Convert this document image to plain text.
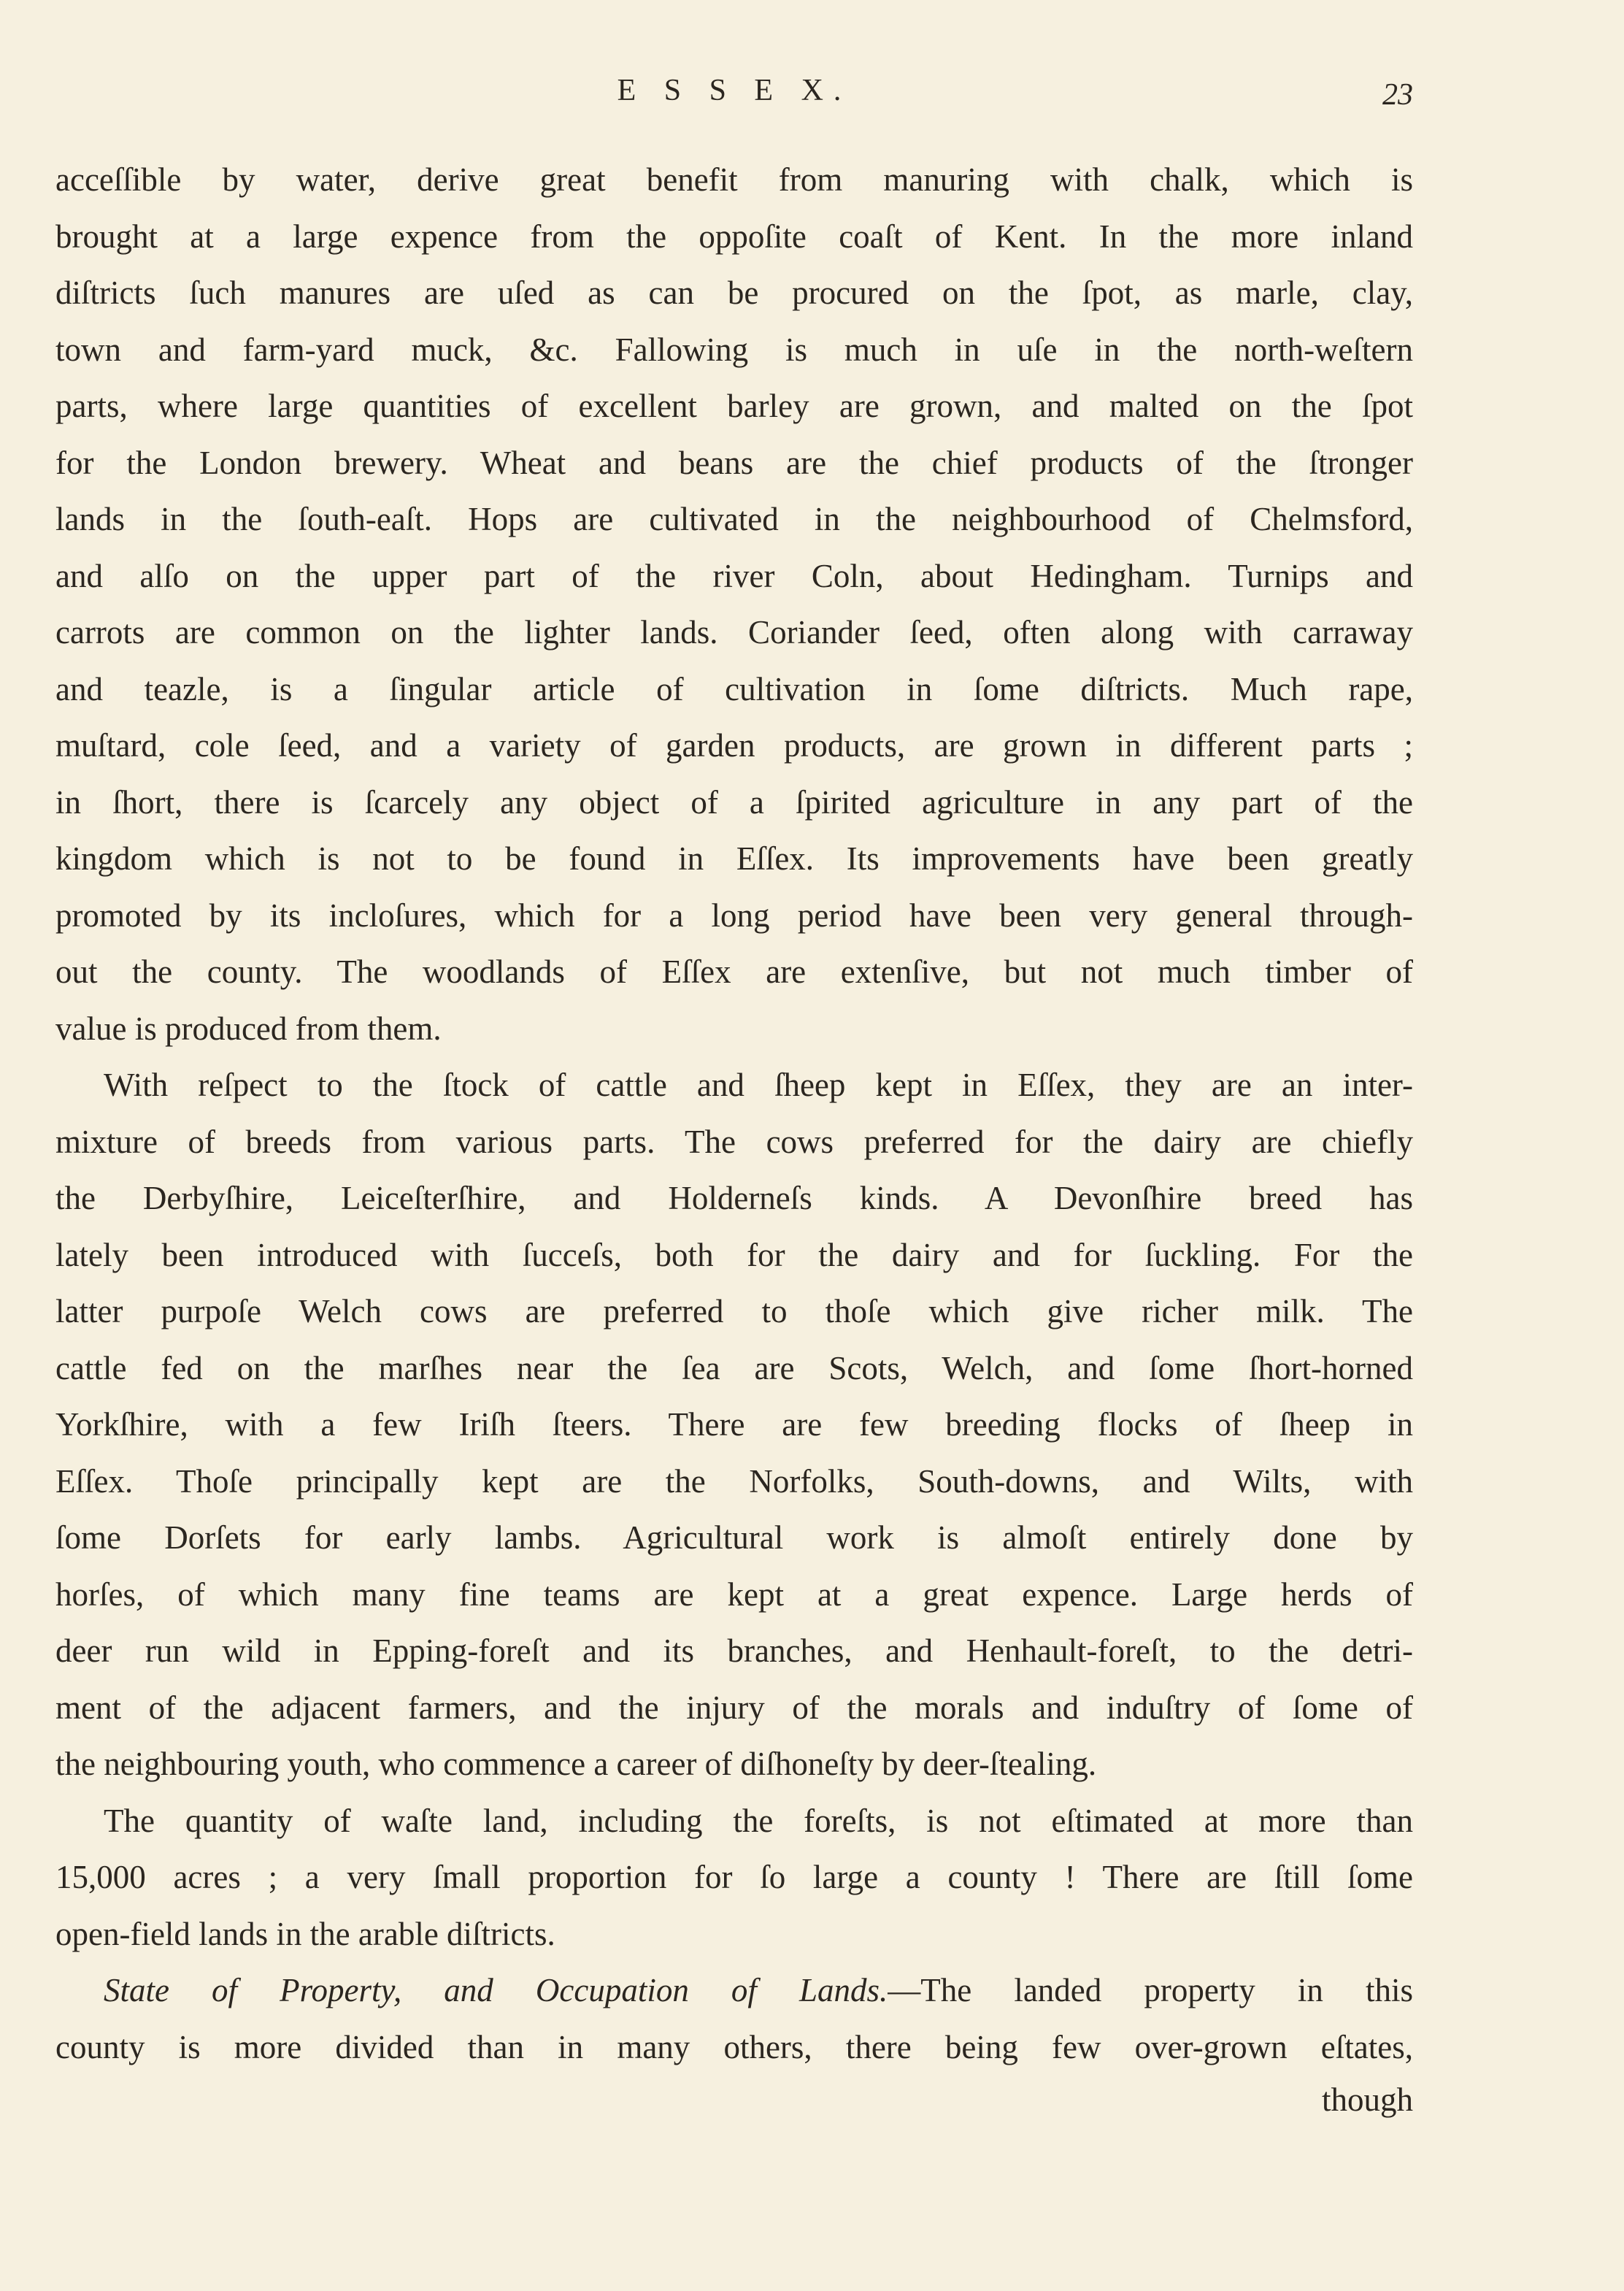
E S S E X.	23
acceſſible by water, derive great benefit from manuring with chalk, which is
brought at a large expence from the oppoſite coaſt of Kent. In the more inland
diſtricts ſuch manures are uſed as can be procured on the ſpot, as marle, clay,
town and farm-yard muck, &c. Fallowing is much in uſe in the north-weſtern
parts, where large quantities of excellent barley are grown, and malted on the ſpot
for the London brewery. Wheat and beans are the chief products of the ſtronger
lands in the ſouth-eaſt. Hops are cultivated in the neighbourhood of Chelmsford,
and alſo on the upper part of the river Coln, about Hedingham. Turnips and
carrots are common on the lighter lands. Coriander ſeed, often along with carraway
and teazle, is a ſingular article of cultivation in ſome diſtricts. Much rape,
muſtard, cole ſeed, and a variety of garden products, are grown in different parts ;
in ſhort, there is ſcarcely any object of a ſpirited agriculture in any part of the
kingdom which is not to be found in Eſſex. Its improvements have been greatly
promoted by its incloſures, which for a long period have been very general through-
out the county. The woodlands of Eſſex are extenſive, but not much timber of
value is produced from them.
With reſpect to the ſtock of cattle and ſheep kept in Eſſex, they are an inter-
mixture of breeds from various parts. The cows preferred for the dairy are chiefly
the Derbyſhire, Leiceſterſhire, and Holderneſs kinds. A Devonſhire breed has
lately been introduced with ſucceſs, both for the dairy and for ſuckling. For the
latter purpoſe Welch cows are preferred to thoſe which give richer milk. The
cattle fed on the marſhes near the ſea are Scots, Welch, and ſome ſhort-horned
Yorkſhire, with a few Iriſh ſteers. There are few breeding flocks of ſheep in
Eſſex. Thoſe principally kept are the Norfolks, South-downs, and Wilts, with
ſome Dorſets for early lambs. Agricultural work is almoſt entirely done by
horſes, of which many fine teams are kept at a great expence. Large herds of
deer run wild in Epping-foreſt and its branches, and Henhault-foreſt, to the detri-
ment of the adjacent farmers, and the injury of the morals and induſtry of ſome of
the neighbouring youth, who commence a career of diſhoneſty by deer-ſtealing.
The quantity of waſte land, including the foreſts, is not eſtimated at more than
15,000 acres ; a very ſmall proportion for ſo large a county ! There are ſtill ſome
open-field lands in the arable diſtricts.
State of Property, and Occupation of Lands.—The landed property in this
county is more divided than in many others, there being few over-grown eſtates,
though
